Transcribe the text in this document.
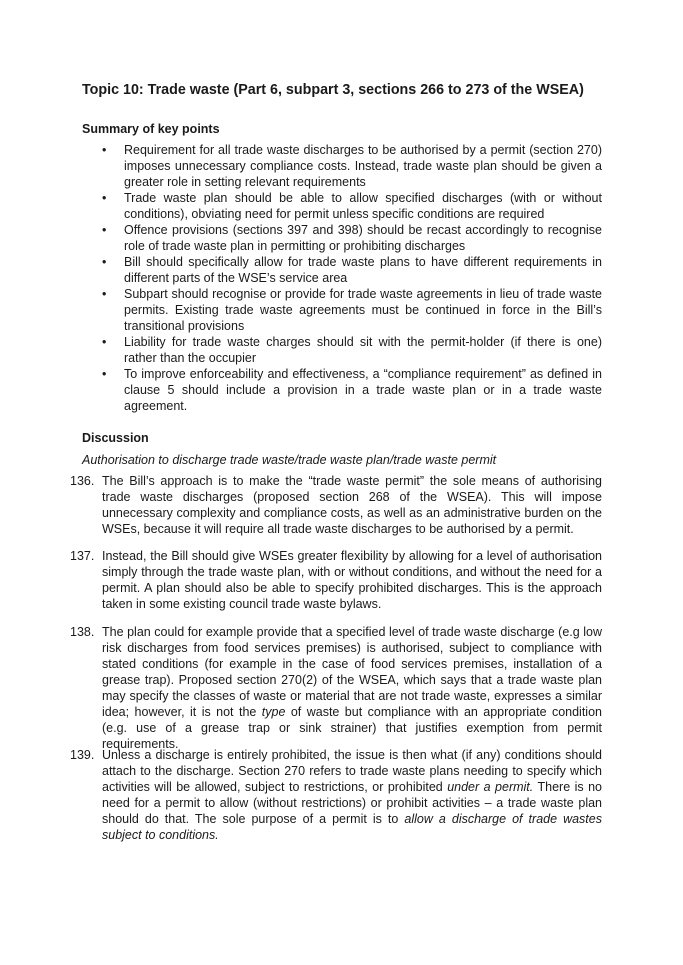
Topic 10: Trade waste (Part 6, subpart 3, sections 266 to 273 of the WSEA)
Summary of key points
• Requirement for all trade waste discharges to be authorised by a permit (section 270) imposes unnecessary compliance costs. Instead, trade waste plan should be given a greater role in setting relevant requirements
• Trade waste plan should be able to allow specified discharges (with or without conditions), obviating need for permit unless specific conditions are required
• Offence provisions (sections 397 and 398) should be recast accordingly to recognise role of trade waste plan in permitting or prohibiting discharges
• Bill should specifically allow for trade waste plans to have different requirements in different parts of the WSE’s service area
• Subpart should recognise or provide for trade waste agreements in lieu of trade waste permits. Existing trade waste agreements must be continued in force in the Bill’s transitional provisions
• Liability for trade waste charges should sit with the permit-holder (if there is one) rather than the occupier
• To improve enforceability and effectiveness, a “compliance requirement” as defined in clause 5 should include a provision in a trade waste plan or in a trade waste agreement.
Discussion

Authorisation to discharge trade waste/trade waste plan/trade waste permit

136. The Bill’s approach is to make the “trade waste permit” the sole means of authorising trade waste discharges (proposed section 268 of the WSEA). This will impose unnecessary complexity and compliance costs, as well as an administrative burden on the WSEs, because it will require all trade waste discharges to be authorised by a permit.
137. Instead, the Bill should give WSEs greater flexibility by allowing for a level of authorisation simply through the trade waste plan, with or without conditions, and without the need for a permit. A plan should also be able to specify prohibited discharges. This is the approach taken in some existing council trade waste bylaws.
138. The plan could for example provide that a specified level of trade waste discharge (e.g low risk discharges from food services premises) is authorised, subject to compliance with stated conditions (for example in the case of food services premises, installation of a grease trap). Proposed section 270(2) of the WSEA, which says that a trade waste plan may specify the classes of waste or material that are not trade waste, expresses a similar idea; however, it is not the type of waste but compliance with an appropriate condition (e.g. use of a grease trap or sink strainer) that justifies exemption from permit requirements.
139. Unless a discharge is entirely prohibited, the issue is then what (if any) conditions should attach to the discharge. Section 270 refers to trade waste plans needing to specify which activities will be allowed, subject to restrictions, or prohibited under a permit. There is no need for a permit to allow (without restrictions) or prohibit activities – a trade waste plan should do that. The sole purpose of a permit is to allow a discharge of trade wastes subject to conditions.
